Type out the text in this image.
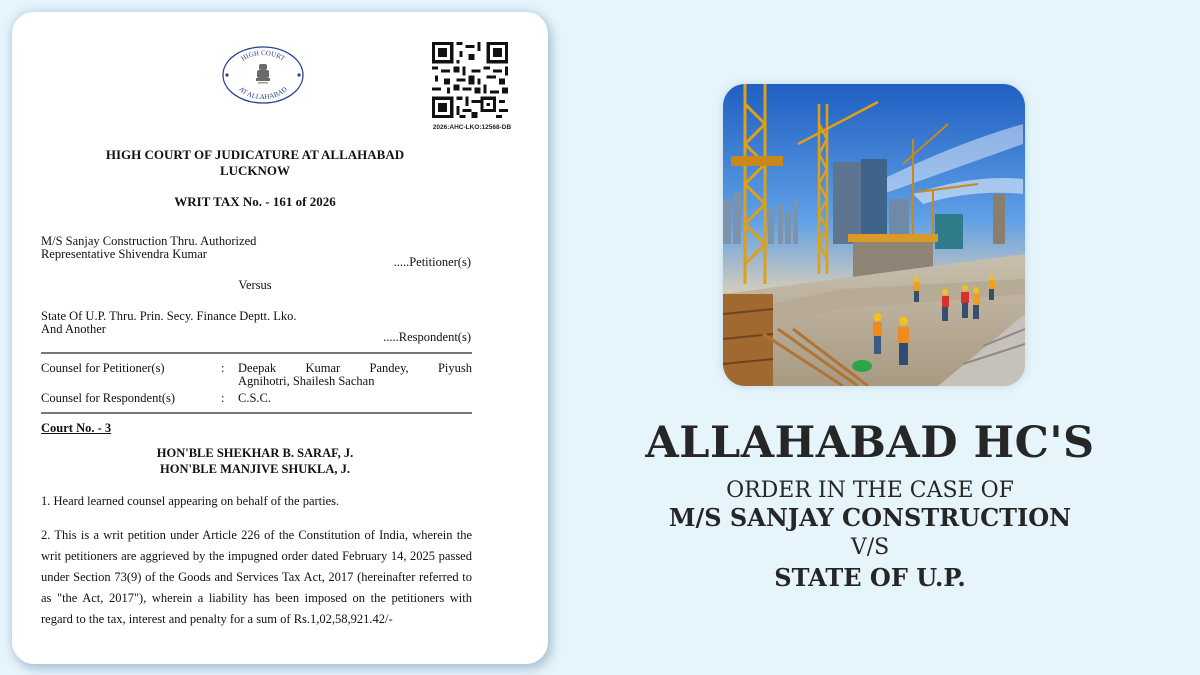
HIGH COURT
AT ALLAHABAD
2026:AHC-LKO:12568-DB
HIGH COURT OF JUDICATURE AT ALLAHABAD
LUCKNOW
WRIT TAX No. - 161 of 2026
M/S Sanjay Construction Thru. Authorized
Representative Shivendra Kumar
.....Petitioner(s)
Versus
State Of U.P. Thru. Prin. Secy. Finance Deptt. Lko.
And Another
.....Respondent(s)
Counsel for Petitioner(s)	: Deepak Kumar Pandey, Piyush
Agnihotri, Shailesh Sachan
Counsel for Respondent(s)	: C.S.C.
Court No. - 3
HON'BLE SHEKHAR B. SARAF, J.
HON'BLE MANJIVE SHUKLA, J.
1. Heard learned counsel appearing on behalf of the parties.
2. This is a writ petition under Article 226 of the Constitution of India, wherein the writ petitioners are aggrieved by the impugned order dated February 14, 2025 passed under Section 73(9) of the Goods and Services Tax Act, 2017 (hereinafter referred to as "the Act, 2017"), wherein a liability has been imposed on the petitioners with regard to the tax, interest and penalty for a sum of Rs.1,02,58,921.42/-
ALLAHABAD HC'S
ORDER IN THE CASE OF
M/S SANJAY CONSTRUCTION
V/S
STATE OF U.P.
